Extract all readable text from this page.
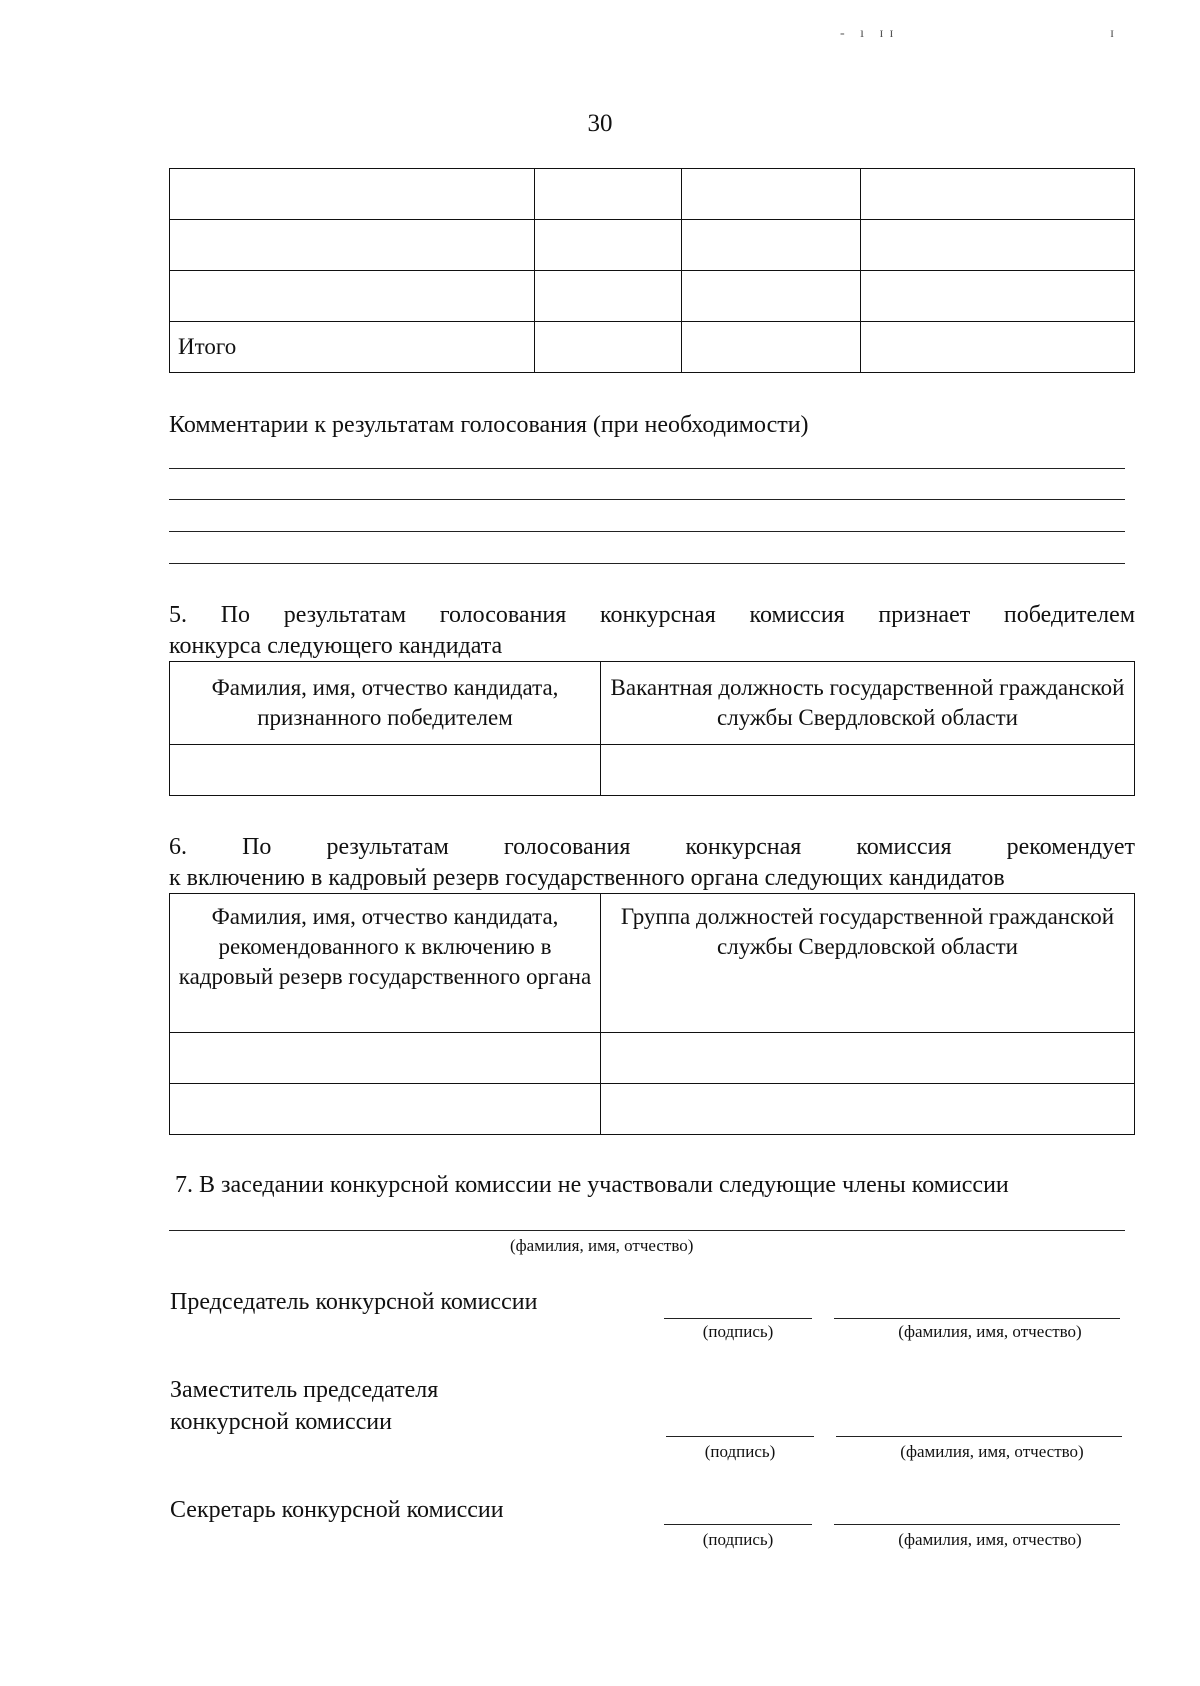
- ı ɪɪ	ɪ
30

Итого			
Комментарии к результатам голосования (при необходимости)
5. По результатам голосования конкурсная комиссия признает победителем
конкурса следующего кандидата
Фамилия, имя, отчество кандидата, признанного победителем	Вакантная должность государственной гражданской службы Свердловской области

6. По результатам голосования конкурсная комиссия рекомендует
к включению в кадровый резерв государственного органа следующих кандидатов
Фамилия, имя, отчество кандидата, рекомендованного к включению в кадровый резерв государственного органа	Группа должностей государственной гражданской службы Свердловской области

7. В заседании конкурсной комиссии не участвовали следующие члены комиссии
(фамилия, имя, отчество)
Председатель конкурсной комиссии
(подпись)	(фамилия, имя, отчество)
Заместитель председателя конкурсной комиссии
(подпись)	(фамилия, имя, отчество)
Секретарь конкурсной комиссии
(подпись)	(фамилия, имя, отчество)
